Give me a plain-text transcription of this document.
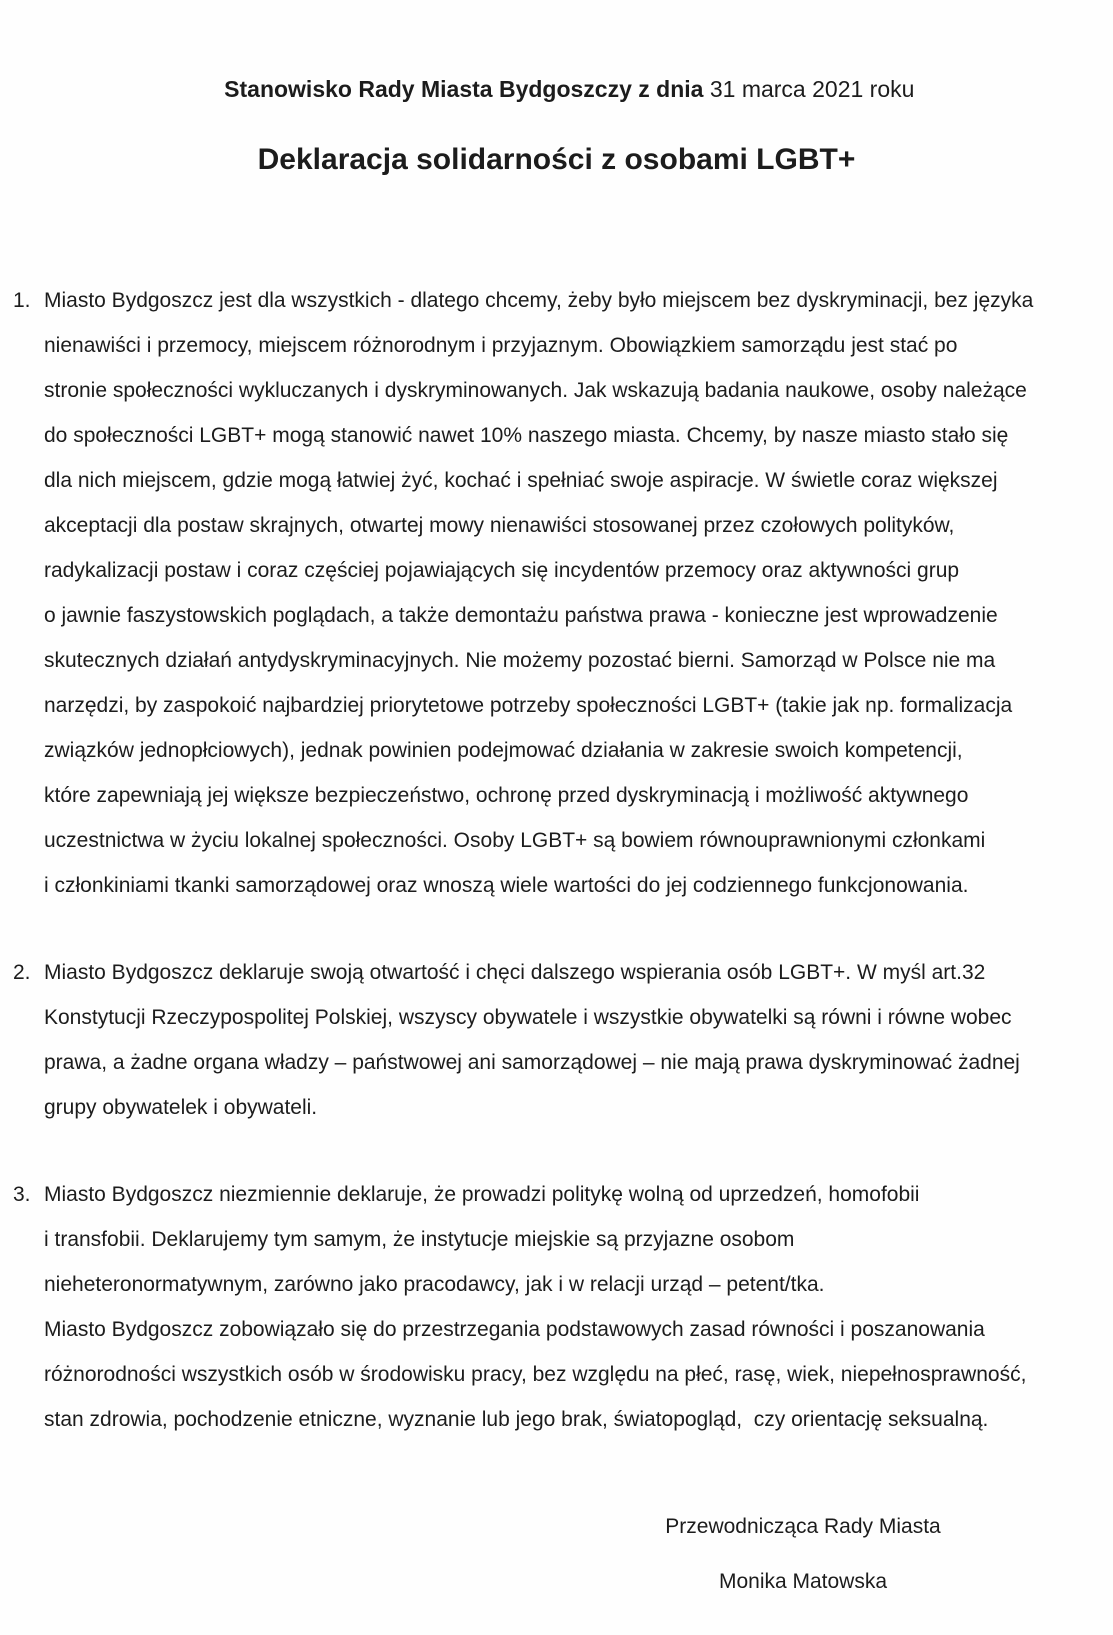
Stanowisko Rady Miasta Bydgoszczy z dnia 31 marca 2021 roku

Deklaracja solidarności z osobami LGBT+
1. Miasto Bydgoszcz jest dla wszystkich - dlatego chcemy, żeby było miejscem bez dyskryminacji, bez języka
nienawiści i przemocy, miejscem różnorodnym i przyjaznym. Obowiązkiem samorządu jest stać po
stronie społeczności wykluczanych i dyskryminowanych. Jak wskazują badania naukowe, osoby należące
do społeczności LGBT+ mogą stanowić nawet 10% naszego miasta. Chcemy, by nasze miasto stało się
dla nich miejscem, gdzie mogą łatwiej żyć, kochać i spełniać swoje aspiracje. W świetle coraz większej
akceptacji dla postaw skrajnych, otwartej mowy nienawiści stosowanej przez czołowych polityków,
radykalizacji postaw i coraz częściej pojawiających się incydentów przemocy oraz aktywności grup
o jawnie faszystowskich poglądach, a także demontażu państwa prawa - konieczne jest wprowadzenie
skutecznych działań antydyskryminacyjnych. Nie możemy pozostać bierni. Samorząd w Polsce nie ma
narzędzi, by zaspokoić najbardziej priorytetowe potrzeby społeczności LGBT+ (takie jak np. formalizacja
związków jednopłciowych), jednak powinien podejmować działania w zakresie swoich kompetencji,
które zapewniają jej większe bezpieczeństwo, ochronę przed dyskryminacją i możliwość aktywnego
uczestnictwa w życiu lokalnej społeczności. Osoby LGBT+ są bowiem równouprawnionymi członkami
i członkiniami tkanki samorządowej oraz wnoszą wiele wartości do jej codziennego funkcjonowania.
2. Miasto Bydgoszcz deklaruje swoją otwartość i chęci dalszego wspierania osób LGBT+. W myśl art.32
Konstytucji Rzeczypospolitej Polskiej, wszyscy obywatele i wszystkie obywatelki są równi i równe wobec
prawa, a żadne organa władzy – państwowej ani samorządowej – nie mają prawa dyskryminować żadnej
grupy obywatelek i obywateli.
3. Miasto Bydgoszcz niezmiennie deklaruje, że prowadzi politykę wolną od uprzedzeń, homofobii
i transfobii. Deklarujemy tym samym, że instytucje miejskie są przyjazne osobom
nieheteronormatywnym, zarówno jako pracodawcy, jak i w relacji urząd – petent/tka.
Miasto Bydgoszcz zobowiązało się do przestrzegania podstawowych zasad równości i poszanowania
różnorodności wszystkich osób w środowisku pracy, bez względu na płeć, rasę, wiek, niepełnosprawność,
stan zdrowia, pochodzenie etniczne, wyznanie lub jego brak, światopogląd,  czy orientację seksualną.
Przewodnicząca Rady Miasta
Monika Matowska
